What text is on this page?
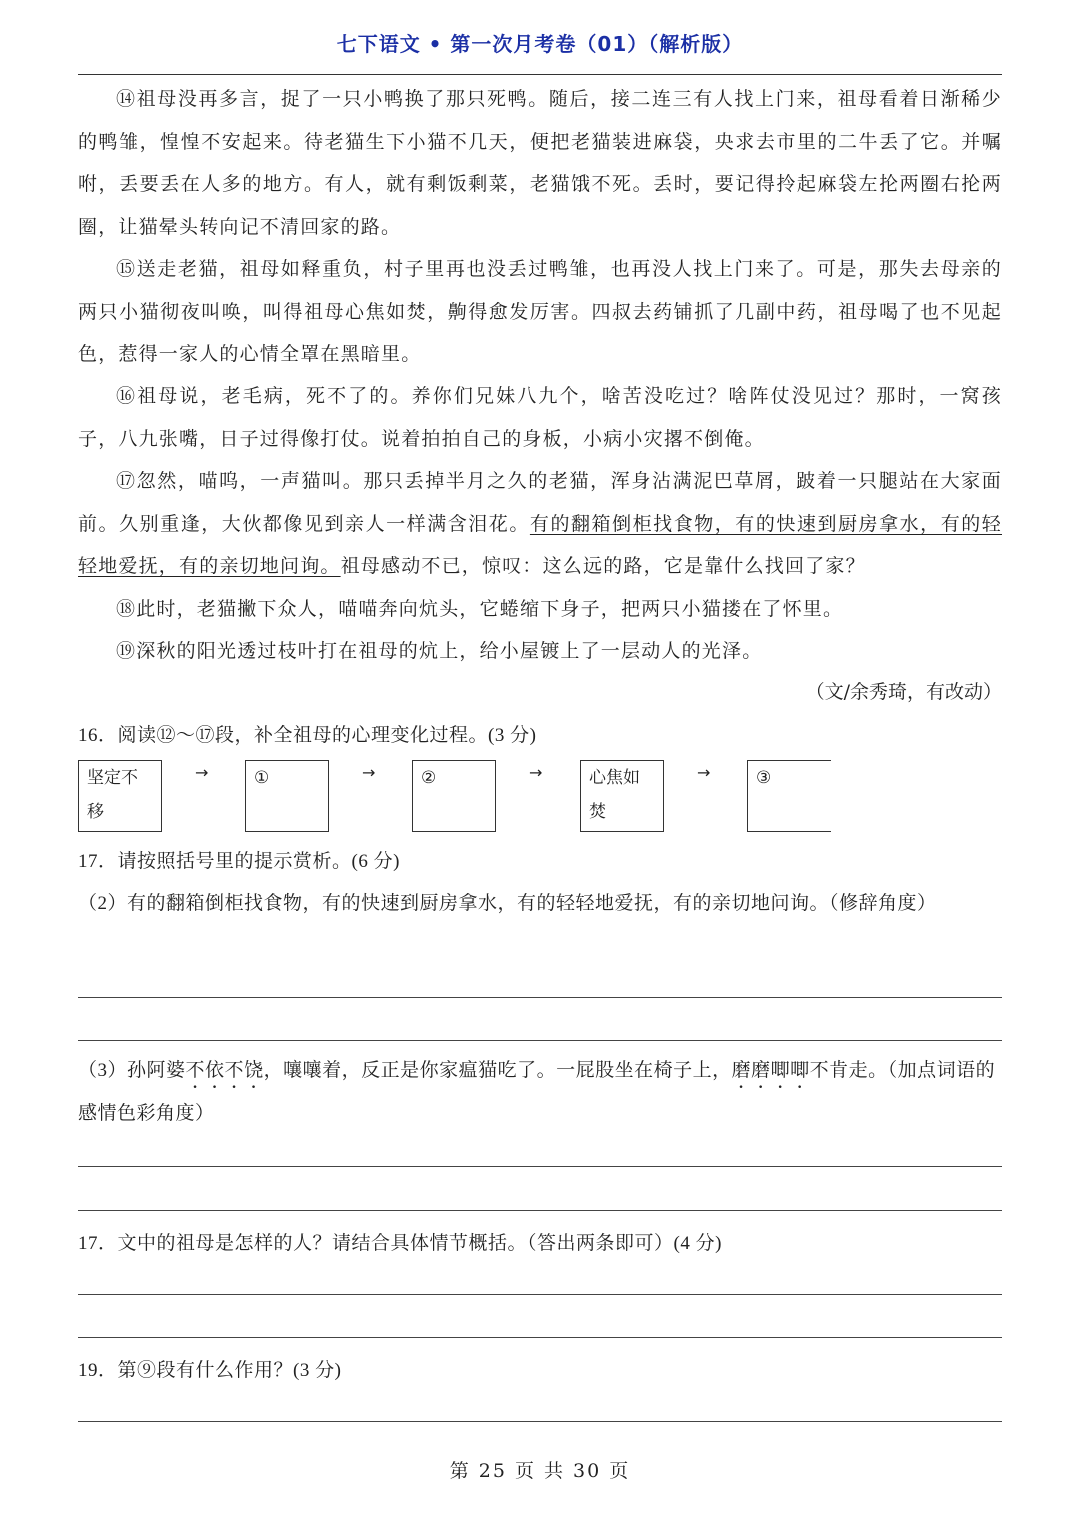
七下语文 • 第一次月考卷（01）（解析版）

⑭祖母没再多言，捉了一只小鸭换了那只死鸭。随后，接二连三有人找上门来，祖母看着日渐稀少的鸭雏，惶惶不安起来。待老猫生下小猫不几天，便把老猫装进麻袋，央求去市里的二牛丢了它。并嘱咐，丢要丢在人多的地方。有人，就有剩饭剩菜，老猫饿不死。丢时，要记得拎起麻袋左抡两圈右抡两圈，让猫晕头转向记不清回家的路。

⑮送走老猫，祖母如释重负，村子里再也没丢过鸭雏，也再没人找上门来了。可是，那失去母亲的两只小猫彻夜叫唤，叫得祖母心焦如焚，齁得愈发厉害。四叔去药铺抓了几副中药，祖母喝了也不见起色，惹得一家人的心情全罩在黑暗里。

⑯祖母说，老毛病，死不了的。养你们兄妹八九个，啥苦没吃过？啥阵仗没见过？那时，一窝孩子，八九张嘴，日子过得像打仗。说着拍拍自己的身板，小病小灾撂不倒俺。

⑰忽然，喵呜，一声猫叫。那只丢掉半月之久的老猫，浑身沾满泥巴草屑，跛着一只腿站在大家面前。久别重逢，大伙都像见到亲人一样满含泪花。有的翻箱倒柜找食物，有的快速到厨房拿水，有的轻轻地爱抚，有的亲切地问询。祖母感动不已，惊叹：这么远的路，它是靠什么找回了家？

⑱此时，老猫撇下众人，喵喵奔向炕头，它蜷缩下身子，把两只小猫搂在了怀里。

⑲深秋的阳光透过枝叶打在祖母的炕上，给小屋镀上了一层动人的光泽。

（文/余秀琦，有改动）

16．阅读⑫～⑰段，补全祖母的心理变化过程。(3 分)

坚定不移
→	①	→	②	→	心焦如焚
→	③

17．请按照括号里的提示赏析。(6 分)

（2）有的翻箱倒柜找食物，有的快速到厨房拿水，有的轻轻地爱抚，有的亲切地问询。（修辞角度）

（3）孙阿婆不依不饶，嚷嚷着，反正是你家瘟猫吃了。一屁股坐在椅子上，磨磨唧唧不肯走。（加点词语的感情色彩角度）

17．文中的祖母是怎样的人？请结合具体情节概括。（答出两条即可）(4 分)

19．第⑨段有什么作用？(3 分)

第 25 页 共 30 页
